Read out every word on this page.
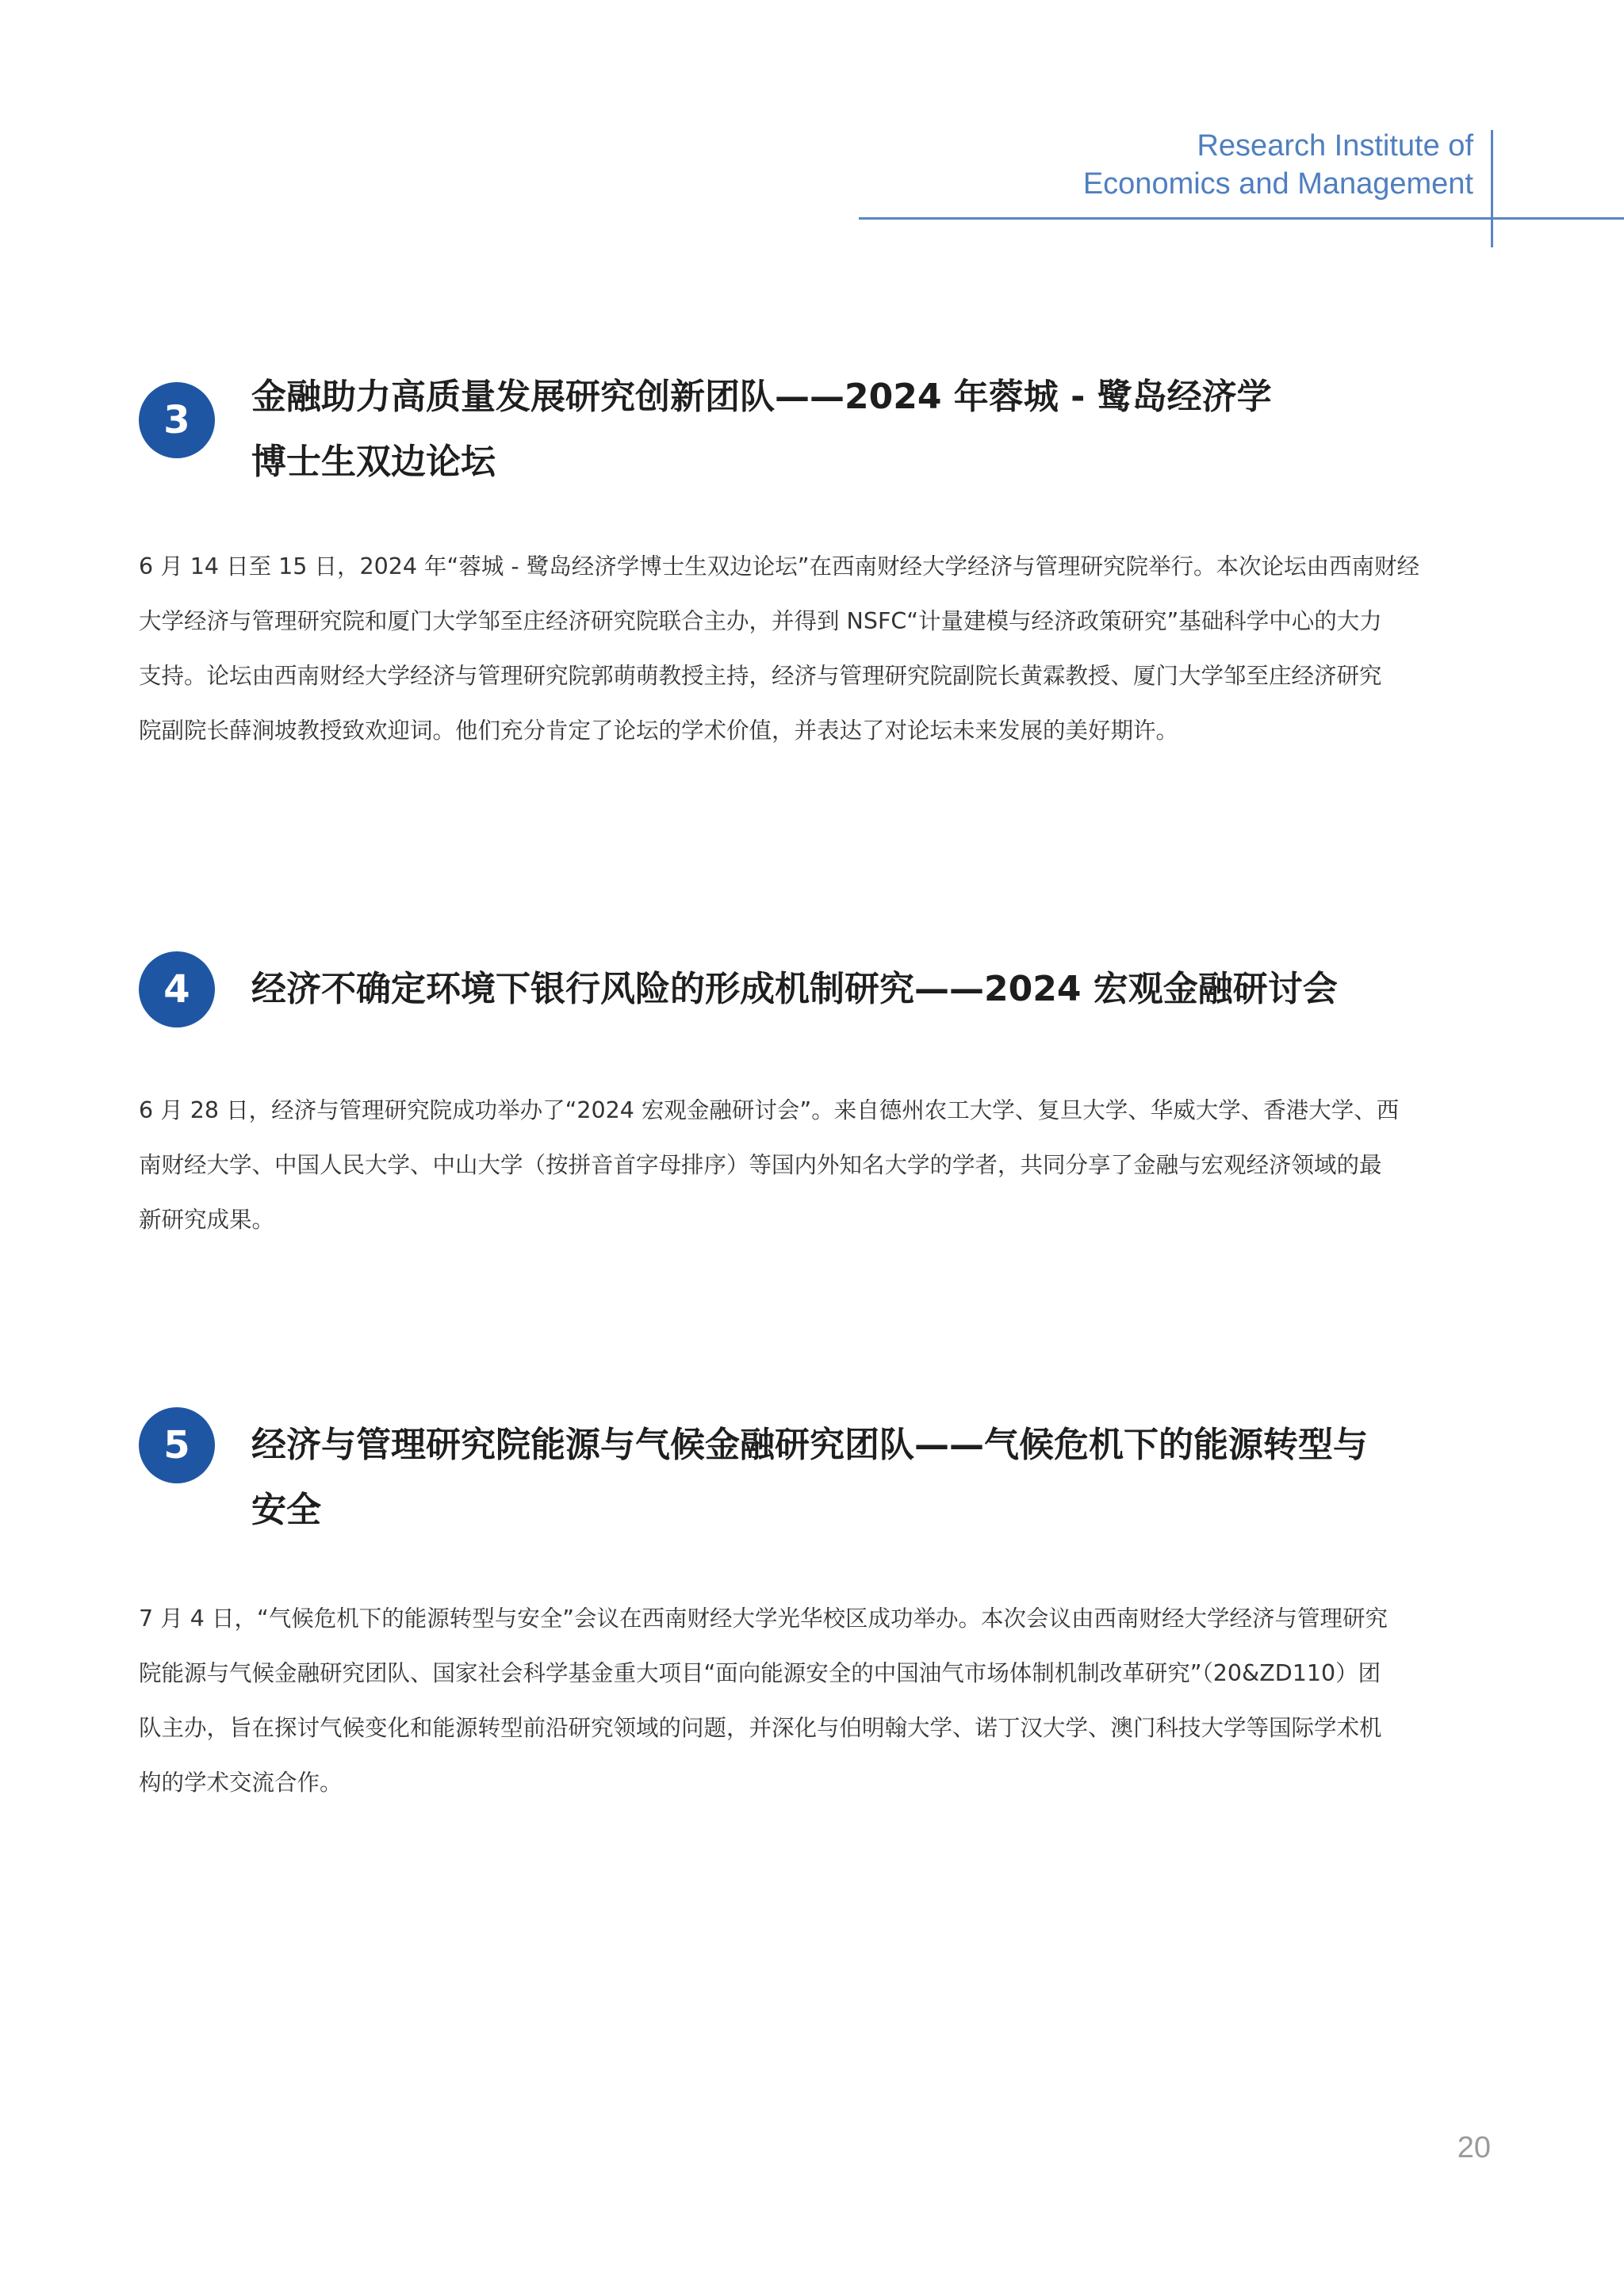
Research Institute of
Economics and Management
3
金融助力高质量发展研究创新团队——2024 年蓉城 - 鹭岛经济学
博士生双边论坛

6 月 14 日至 15 日，2024 年“蓉城 - 鹭岛经济学博士生双边论坛”在西南财经大学经济与管理研究院举行。本次论坛由西南财经
大学经济与管理研究院和厦门大学邹至庄经济研究院联合主办，并得到 NSFC“计量建模与经济政策研究”基础科学中心的大力
支持。论坛由西南财经大学经济与管理研究院郭萌萌教授主持，经济与管理研究院副院长黄霖教授、厦门大学邹至庄经济研究
院副院长薛涧坡教授致欢迎词。他们充分肯定了论坛的学术价值，并表达了对论坛未来发展的美好期许。

4	经济不确定环境下银行风险的形成机制研究——2024 宏观金融研讨会

6 月 28 日，经济与管理研究院成功举办了“2024 宏观金融研讨会”。来自德州农工大学、复旦大学、华威大学、香港大学、西
南财经大学、中国人民大学、中山大学（按拼音首字母排序）等国内外知名大学的学者，共同分享了金融与宏观经济领域的最
新研究成果。

5	经济与管理研究院能源与气候金融研究团队——气候危机下的能源转型与
安全

7 月 4 日，“气候危机下的能源转型与安全”会议在西南财经大学光华校区成功举办。本次会议由西南财经大学经济与管理研究
院能源与气候金融研究团队、国家社会科学基金重大项目“面向能源安全的中国油气市场体制机制改革研究”（20&ZD110）团
队主办，旨在探讨气候变化和能源转型前沿研究领域的问题，并深化与伯明翰大学、诺丁汉大学、澳门科技大学等国际学术机
构的学术交流合作。

20
